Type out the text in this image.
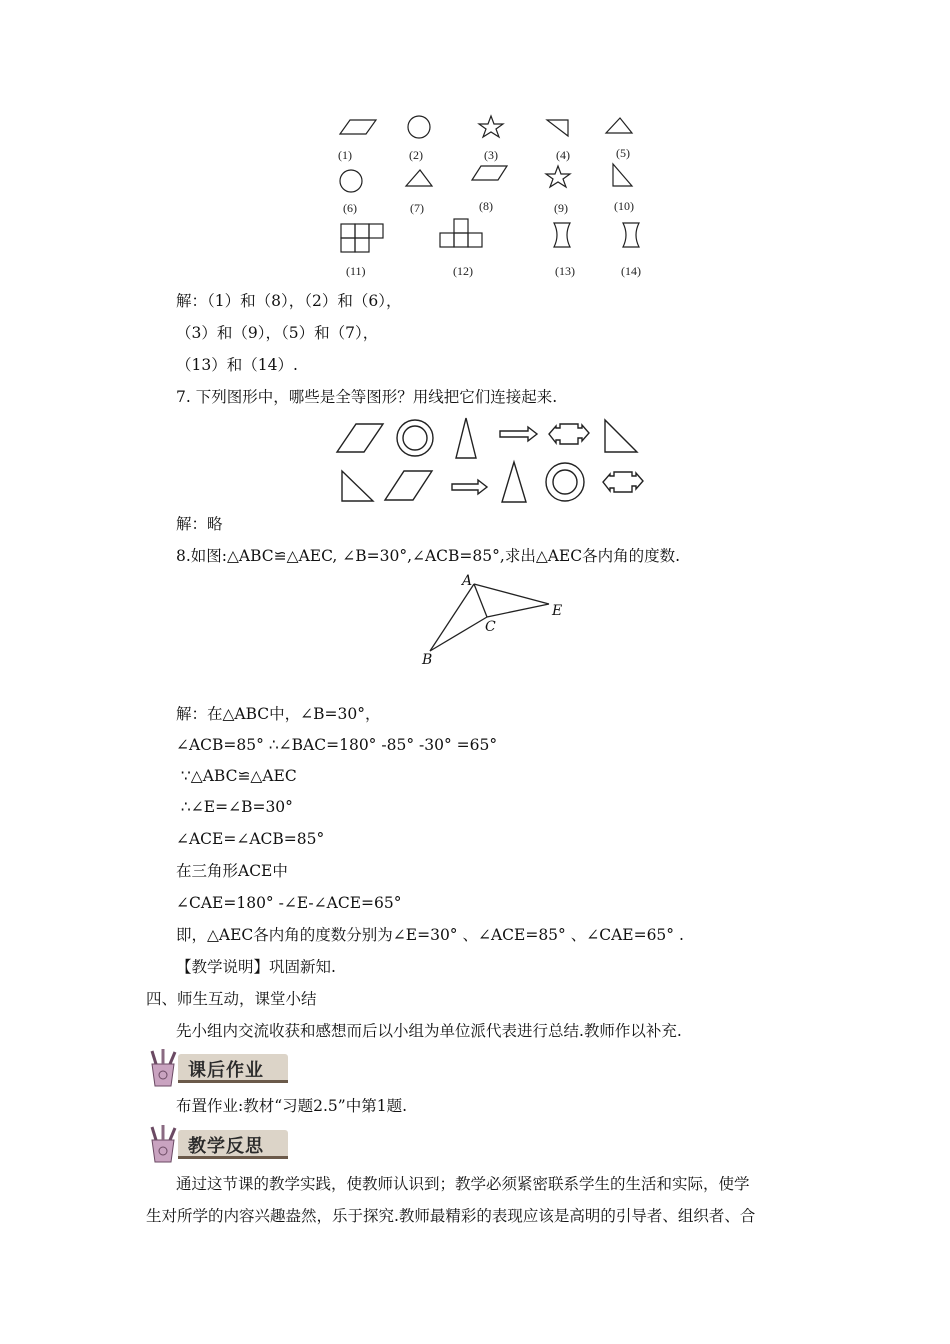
(1)	(2)	(3)	(4)	(5)
(6)	(7)	(8)	(9)	(10)
(11)	(12)	(13)	(14)
解：（1）和（8），（2）和（6），
（3）和（9），（5）和（7），
（13）和（14）.
7. 下列图形中，哪些是全等图形？用线把它们连接起来.
解：略
8.如图:△ABC≌△AEC, ∠B=30°,∠ACB=85°,求出△AEC各内角的度数.
A
B
C
E
解：在△ABC中，∠B=30°，
∠ACB=85° ∴∠BAC=180° -85° -30° =65°
∵△ABC≌△AEC
∴∠E=∠B=30°
∠ACE=∠ACB=85°
在三角形ACE中
∠CAE=180° -∠E-∠ACE=65°
即，△AEC各内角的度数分别为∠E=30° 、∠ACE=85° 、∠CAE=65° .
【教学说明】巩固新知.
四、师生互动，课堂小结
先小组内交流收获和感想而后以小组为单位派代表进行总结.教师作以补充.
课后作业
布置作业:教材“习题2.5”中第1题.
教学反思
通过这节课的教学实践，使教师认识到；教学必须紧密联系学生的生活和实际，使学
生对所学的内容兴趣盎然，乐于探究.教师最精彩的表现应该是高明的引导者、组织者、合
